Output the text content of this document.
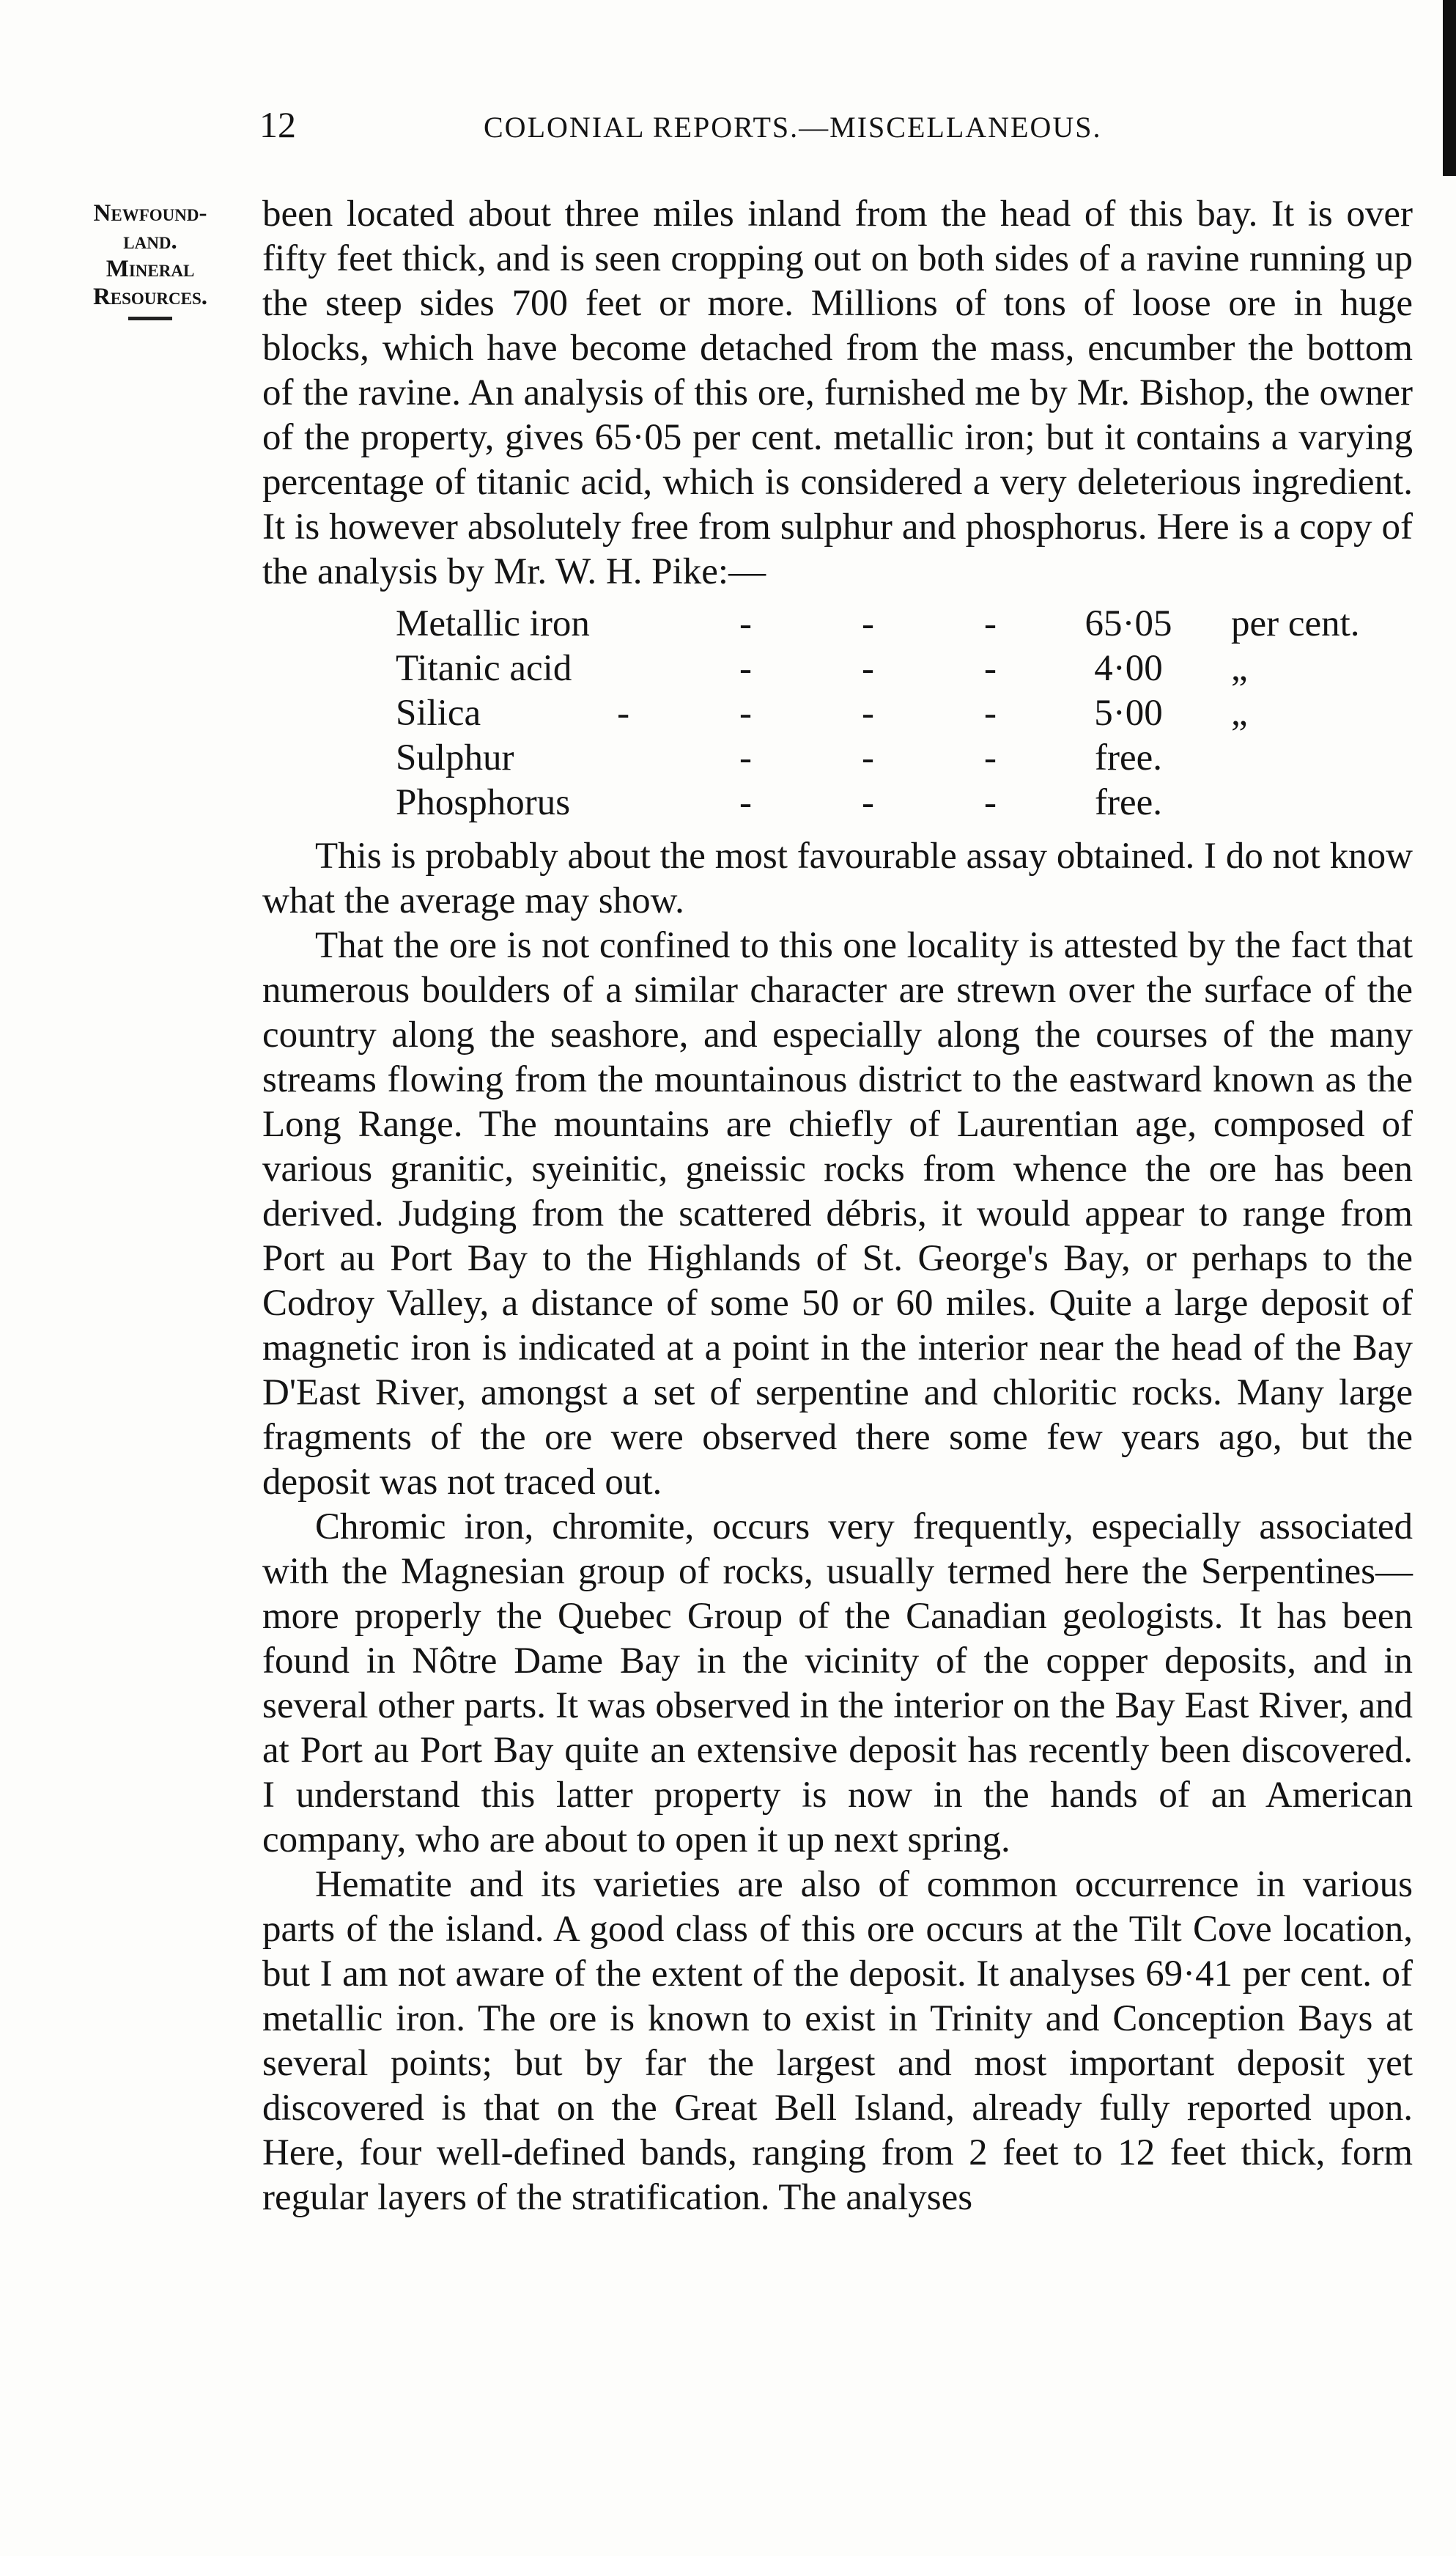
12	COLONIAL REPORTS.—MISCELLANEOUS.
Newfound-
land.
Mineral
Resources.

been located about three miles inland from the head of this bay. It is over fifty feet thick, and is seen cropping out on both sides of a ravine running up the steep sides 700 feet or more. Millions of tons of loose ore in huge blocks, which have become detached from the mass, encumber the bottom of the ravine. An analysis of this ore, furnished me by Mr. Bishop, the owner of the property, gives 65·05 per cent. metallic iron; but it contains a varying percentage of titanic acid, which is considered a very deleterious ingredient. It is however absolutely free from sulphur and phosphorus. Here is a copy of the analysis by Mr. W. H. Pike:—

Metallic iron	-	-	-	65·05	per cent.
Titanic acid	-	-	-	4·00	„
Silica	-	-	-	-	5·00	„
Sulphur	-	-	-	free.
Phosphorus	-	-	-	free.

This is probably about the most favourable assay obtained. I do not know what the average may show.

That the ore is not confined to this one locality is attested by the fact that numerous boulders of a similar character are strewn over the surface of the country along the seashore, and especially along the courses of the many streams flowing from the mountainous district to the eastward known as the Long Range. The mountains are chiefly of Laurentian age, composed of various granitic, syeinitic, gneissic rocks from whence the ore has been derived. Judging from the scattered débris, it would appear to range from Port au Port Bay to the Highlands of St. George's Bay, or perhaps to the Codroy Valley, a distance of some 50 or 60 miles. Quite a large deposit of magnetic iron is indicated at a point in the interior near the head of the Bay D'East River, amongst a set of serpentine and chloritic rocks. Many large fragments of the ore were observed there some few years ago, but the deposit was not traced out.

Chromic iron, chromite, occurs very frequently, especially associated with the Magnesian group of rocks, usually termed here the Serpentines—more properly the Quebec Group of the Canadian geologists. It has been found in Nôtre Dame Bay in the vicinity of the copper deposits, and in several other parts. It was observed in the interior on the Bay East River, and at Port au Port Bay quite an extensive deposit has recently been discovered. I understand this latter property is now in the hands of an American company, who are about to open it up next spring.

Hematite and its varieties are also of common occurrence in various parts of the island. A good class of this ore occurs at the Tilt Cove location, but I am not aware of the extent of the deposit. It analyses 69·41 per cent. of metallic iron. The ore is known to exist in Trinity and Conception Bays at several points; but by far the largest and most important deposit yet discovered is that on the Great Bell Island, already fully reported upon. Here, four well-defined bands, ranging from 2 feet to 12 feet thick, form regular layers of the stratification. The analyses
